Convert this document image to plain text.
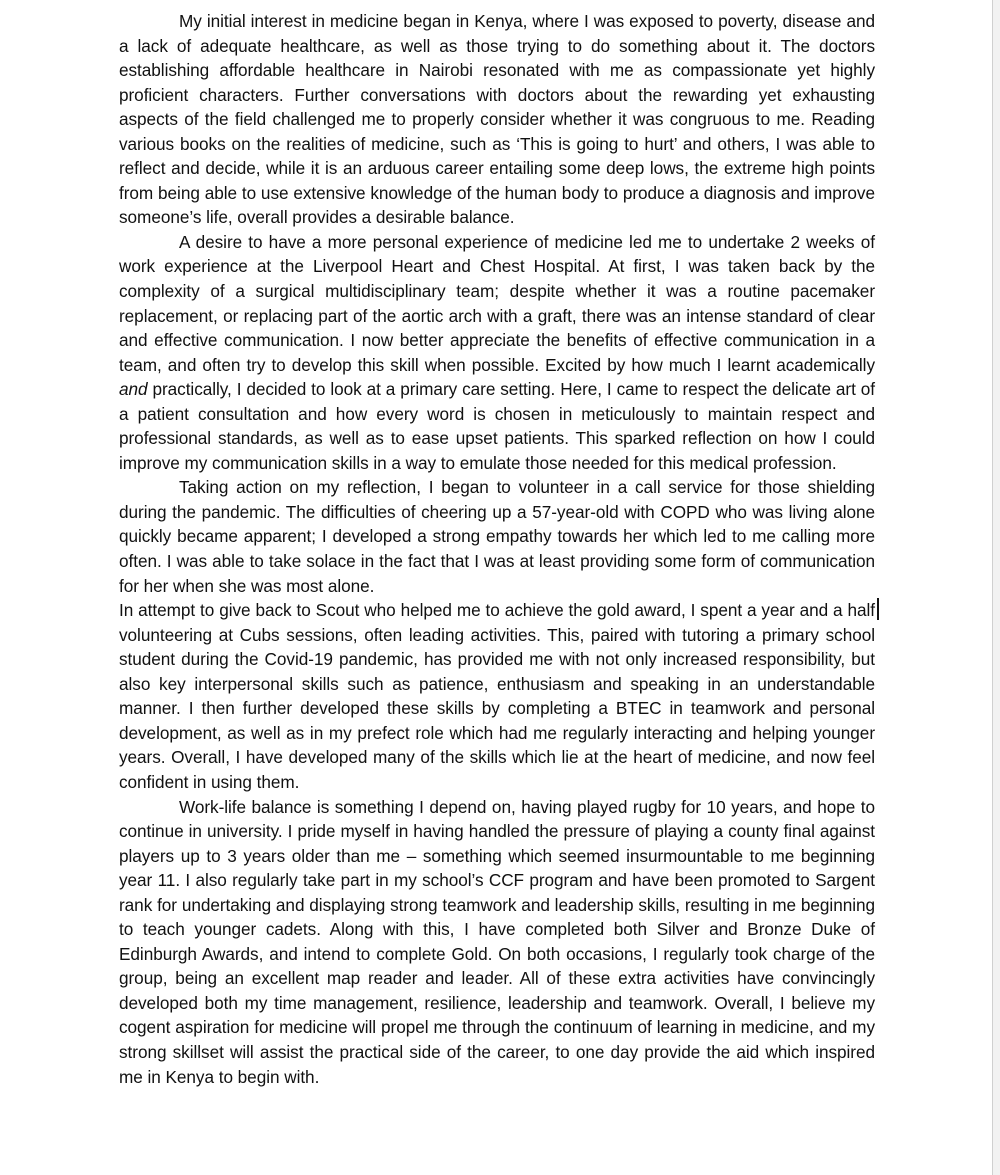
My initial interest in medicine began in Kenya, where I was exposed to poverty, disease and a lack of adequate healthcare, as well as those trying to do something about it. The doctors establishing affordable healthcare in Nairobi resonated with me as compassionate yet highly proficient characters. Further conversations with doctors about the rewarding yet exhausting aspects of the field challenged me to properly consider whether it was congruous to me. Reading various books on the realities of medicine, such as ‘This is going to hurt’ and others, I was able to reflect and decide, while it is an arduous career entailing some deep lows, the extreme high points from being able to use extensive knowledge of the human body to produce a diagnosis and improve someone’s life, overall provides a desirable balance.

A desire to have a more personal experience of medicine led me to undertake 2 weeks of work experience at the Liverpool Heart and Chest Hospital. At first, I was taken back by the complexity of a surgical multidisciplinary team; despite whether it was a routine pacemaker replacement, or replacing part of the aortic arch with a graft, there was an intense standard of clear and effective communication. I now better appreciate the benefits of effective communication in a team, and often try to develop this skill when possible. Excited by how much I learnt academically and practically, I decided to look at a primary care setting. Here, I came to respect the delicate art of a patient consultation and how every word is chosen in meticulously to maintain respect and professional standards, as well as to ease upset patients. This sparked reflection on how I could improve my communication skills in a way to emulate those needed for this medical profession.

Taking action on my reflection, I began to volunteer in a call service for those shielding during the pandemic. The difficulties of cheering up a 57-year-old with COPD who was living alone quickly became apparent; I developed a strong empathy towards her which led to me calling more often. I was able to take solace in the fact that I was at least providing some form of communication for her when she was most alone.

In attempt to give back to Scout who helped me to achieve the gold award, I spent a year and a half volunteering at Cubs sessions, often leading activities. This, paired with tutoring a primary school student during the Covid-19 pandemic, has provided me with not only increased responsibility, but also key interpersonal skills such as patience, enthusiasm and speaking in an understandable manner. I then further developed these skills by completing a BTEC in teamwork and personal development, as well as in my prefect role which had me regularly interacting and helping younger years. Overall, I have developed many of the skills which lie at the heart of medicine, and now feel confident in using them.

Work-life balance is something I depend on, having played rugby for 10 years, and hope to continue in university. I pride myself in having handled the pressure of playing a county final against players up to 3 years older than me – something which seemed insurmountable to me beginning year 11. I also regularly take part in my school’s CCF program and have been promoted to Sargent rank for undertaking and displaying strong teamwork and leadership skills, resulting in me beginning to teach younger cadets. Along with this, I have completed both Silver and Bronze Duke of Edinburgh Awards, and intend to complete Gold. On both occasions, I regularly took charge of the group, being an excellent map reader and leader. All of these extra activities have convincingly developed both my time management, resilience, leadership and teamwork. Overall, I believe my cogent aspiration for medicine will propel me through the continuum of learning in medicine, and my strong skillset will assist the practical side of the career, to one day provide the aid which inspired me in Kenya to begin with.
